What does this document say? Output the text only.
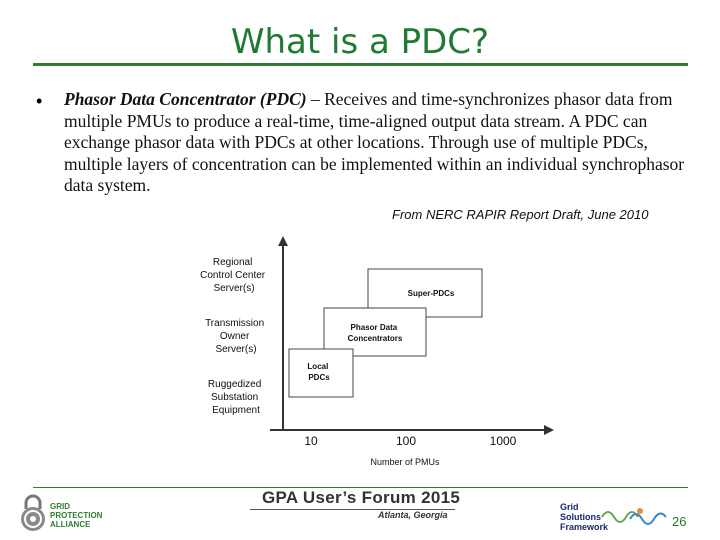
What is a PDC?
• Phasor Data Concentrator (PDC) – Receives and time-synchronizes phasor data from multiple PMUs to produce a real-time, time-aligned output data stream. A PDC can exchange phasor data with PDCs at other locations. Through use of multiple PDCs, multiple layers of concentration can be implemented within an individual synchrophasor data system.
From NERC RAPIR Report Draft, June 2010
Regional Control Center Server(s)
Transmission Owner Server(s)
Ruggedized Substation Equipment
Super-PDCs
Phasor Data Concentrators
Local PDCs
10	100	1000
Number of PMUs
GRID
PROTECTION
ALLIANCE
GPA User’s Forum 2015
Atlanta, Georgia
Grid
Solutions
Framework	26
